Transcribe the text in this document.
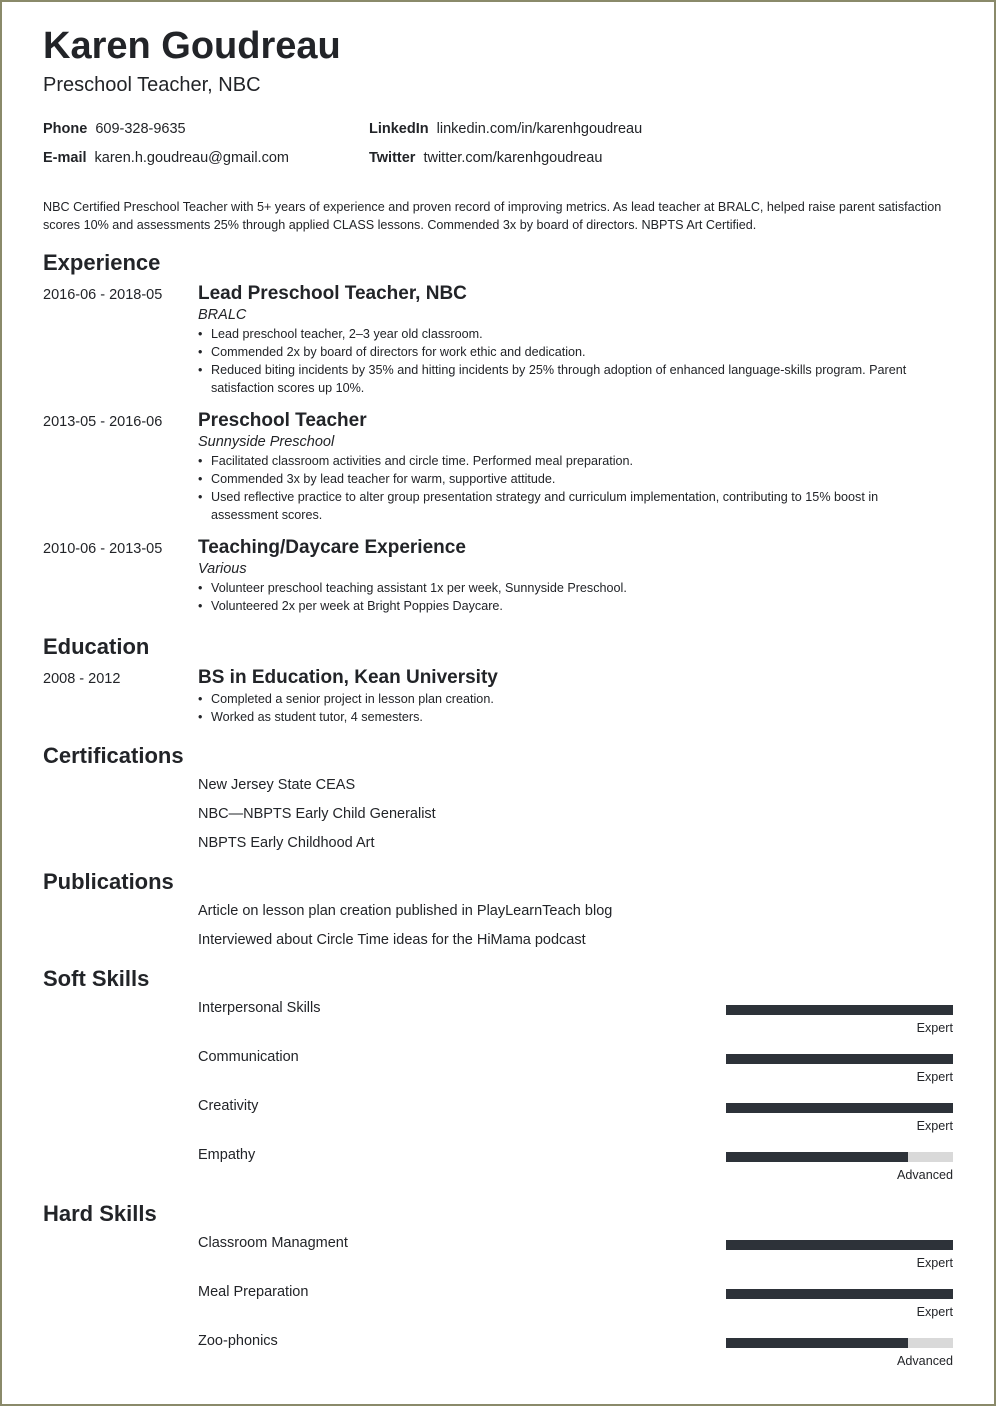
Karen Goudreau
Preschool Teacher, NBC
Phone 609-328-9635
E-mail karen.h.goudreau@gmail.com
LinkedIn linkedin.com/in/karenhgoudreau
Twitter twitter.com/karenhgoudreau
NBC Certified Preschool Teacher with 5+ years of experience and proven record of improving metrics. As lead teacher at BRALC, helped raise parent satisfaction scores 10% and assessments 25% through applied CLASS lessons. Commended 3x by board of directors. NBPTS Art Certified.
Experience
2016-06 - 2018-05 Lead Preschool Teacher, NBC
BRALC
• Lead preschool teacher, 2–3 year old classroom.
• Commended 2x by board of directors for work ethic and dedication.
• Reduced biting incidents by 35% and hitting incidents by 25% through adoption of enhanced language-skills program. Parent satisfaction scores up 10%.
2013-05 - 2016-06 Preschool Teacher
Sunnyside Preschool
• Facilitated classroom activities and circle time. Performed meal preparation.
• Commended 3x by lead teacher for warm, supportive attitude.
• Used reflective practice to alter group presentation strategy and curriculum implementation, contributing to 15% boost in assessment scores.
2010-06 - 2013-05 Teaching/Daycare Experience
Various
• Volunteer preschool teaching assistant 1x per week, Sunnyside Preschool.
• Volunteered 2x per week at Bright Poppies Daycare.
Education
2008 - 2012	BS in Education, Kean University
• Completed a senior project in lesson plan creation.
• Worked as student tutor, 4 semesters.
Certifications
New Jersey State CEAS
NBC—NBPTS Early Child Generalist
NBPTS Early Childhood Art
Publications
Article on lesson plan creation published in PlayLearnTeach blog
Interviewed about Circle Time ideas for the HiMama podcast
Soft Skills
Interpersonal Skills
Expert
Communication
Expert
Creativity
Expert
Empathy
Advanced
Hard Skills
Classroom Managment
Expert
Meal Preparation
Expert
Zoo-phonics
Advanced
